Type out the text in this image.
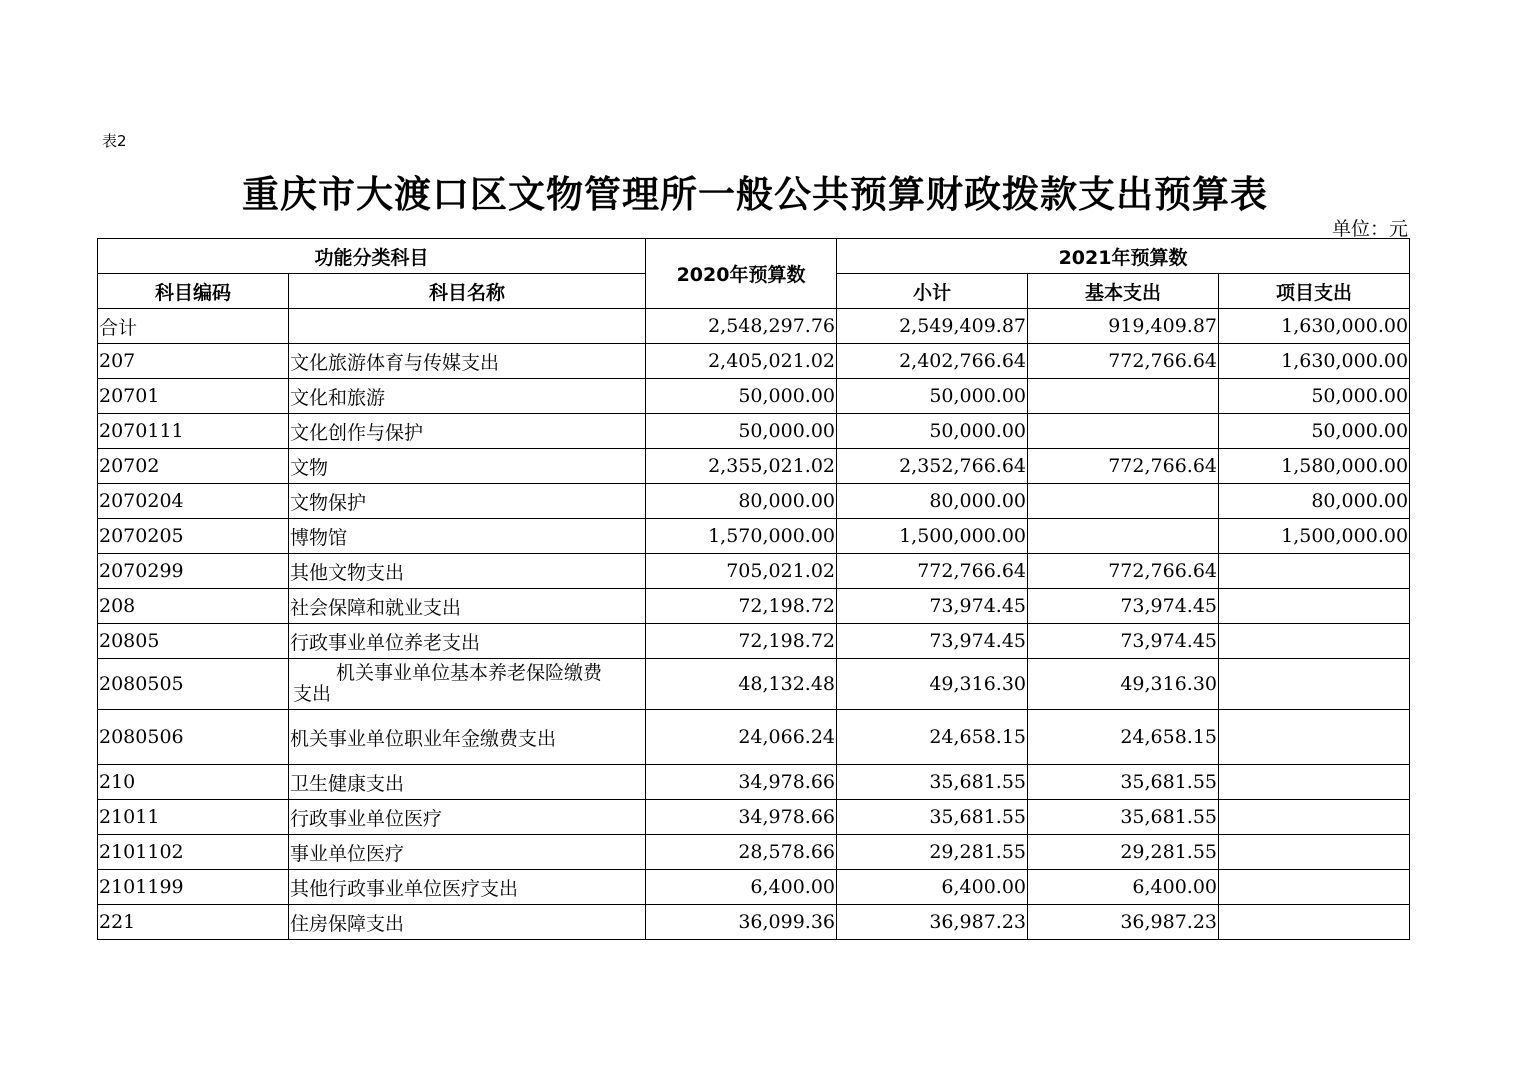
表2
重庆市大渡口区文物管理所一般公共预算财政拨款支出预算表
单位：元
功能分类科目		2020年预算数	2021年预算数		
科目编码	科目名称		小计	基本支出	项目支出
合计		2,548,297.76	2,549,409.87	919,409.87	1,630,000.00
207	文化旅游体育与传媒支出	2,405,021.02	2,402,766.64	772,766.64	1,630,000.00
20701	文化和旅游	50,000.00	50,000.00		50,000.00
2070111	文化创作与保护	50,000.00	50,000.00		50,000.00
20702	文物	2,355,021.02	2,352,766.64	772,766.64	1,580,000.00
2070204	文物保护	80,000.00	80,000.00		80,000.00
2070205	博物馆	1,570,000.00	1,500,000.00		1,500,000.00
2070299	其他文物支出	705,021.02	772,766.64	772,766.64	
208	社会保障和就业支出	72,198.72	73,974.45	73,974.45	
20805	行政事业单位养老支出	72,198.72	73,974.45	73,974.45	
2080505	机关事业单位基本养老保险缴费
支出	48,132.48	49,316.30	49,316.30	
2080506	机关事业单位职业年金缴费支出	24,066.24	24,658.15	24,658.15	
210	卫生健康支出	34,978.66	35,681.55	35,681.55	
21011	行政事业单位医疗	34,978.66	35,681.55	35,681.55	
2101102	事业单位医疗	28,578.66	29,281.55	29,281.55	
2101199	其他行政事业单位医疗支出	6,400.00	6,400.00	6,400.00	
221	住房保障支出	36,099.36	36,987.23	36,987.23	
